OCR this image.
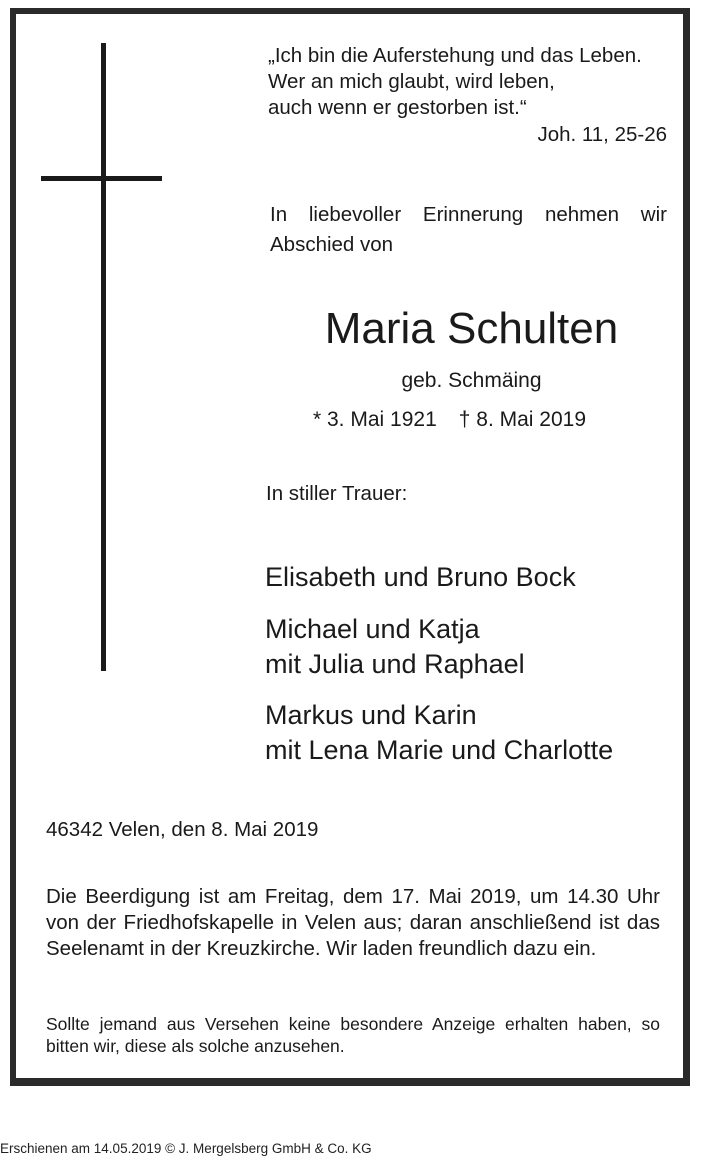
„Ich bin die Auferstehung und das Leben.
Wer an mich glaubt, wird leben,
auch wenn er gestorben ist.“
Joh. 11, 25-26
In liebevoller Erinnerung nehmen wir Abschied von
Maria Schulten
geb. Schmäing
* 3. Mai 1921 † 8. Mai 2019
In stiller Trauer:
Elisabeth und Bruno Bock
Michael und Katja
mit Julia und Raphael
Markus und Karin
mit Lena Marie und Charlotte
46342 Velen, den 8. Mai 2019
Die Beerdigung ist am Freitag, dem 17. Mai 2019, um 14.30 Uhr von der Friedhofskapelle in Velen aus; daran anschließend ist das Seelenamt in der Kreuzkirche. Wir laden freundlich dazu ein.
Sollte jemand aus Versehen keine besondere Anzeige erhalten haben, so bitten wir, diese als solche anzusehen.
Erschienen am 14.05.2019 © J. Mergelsberg GmbH & Co. KG
